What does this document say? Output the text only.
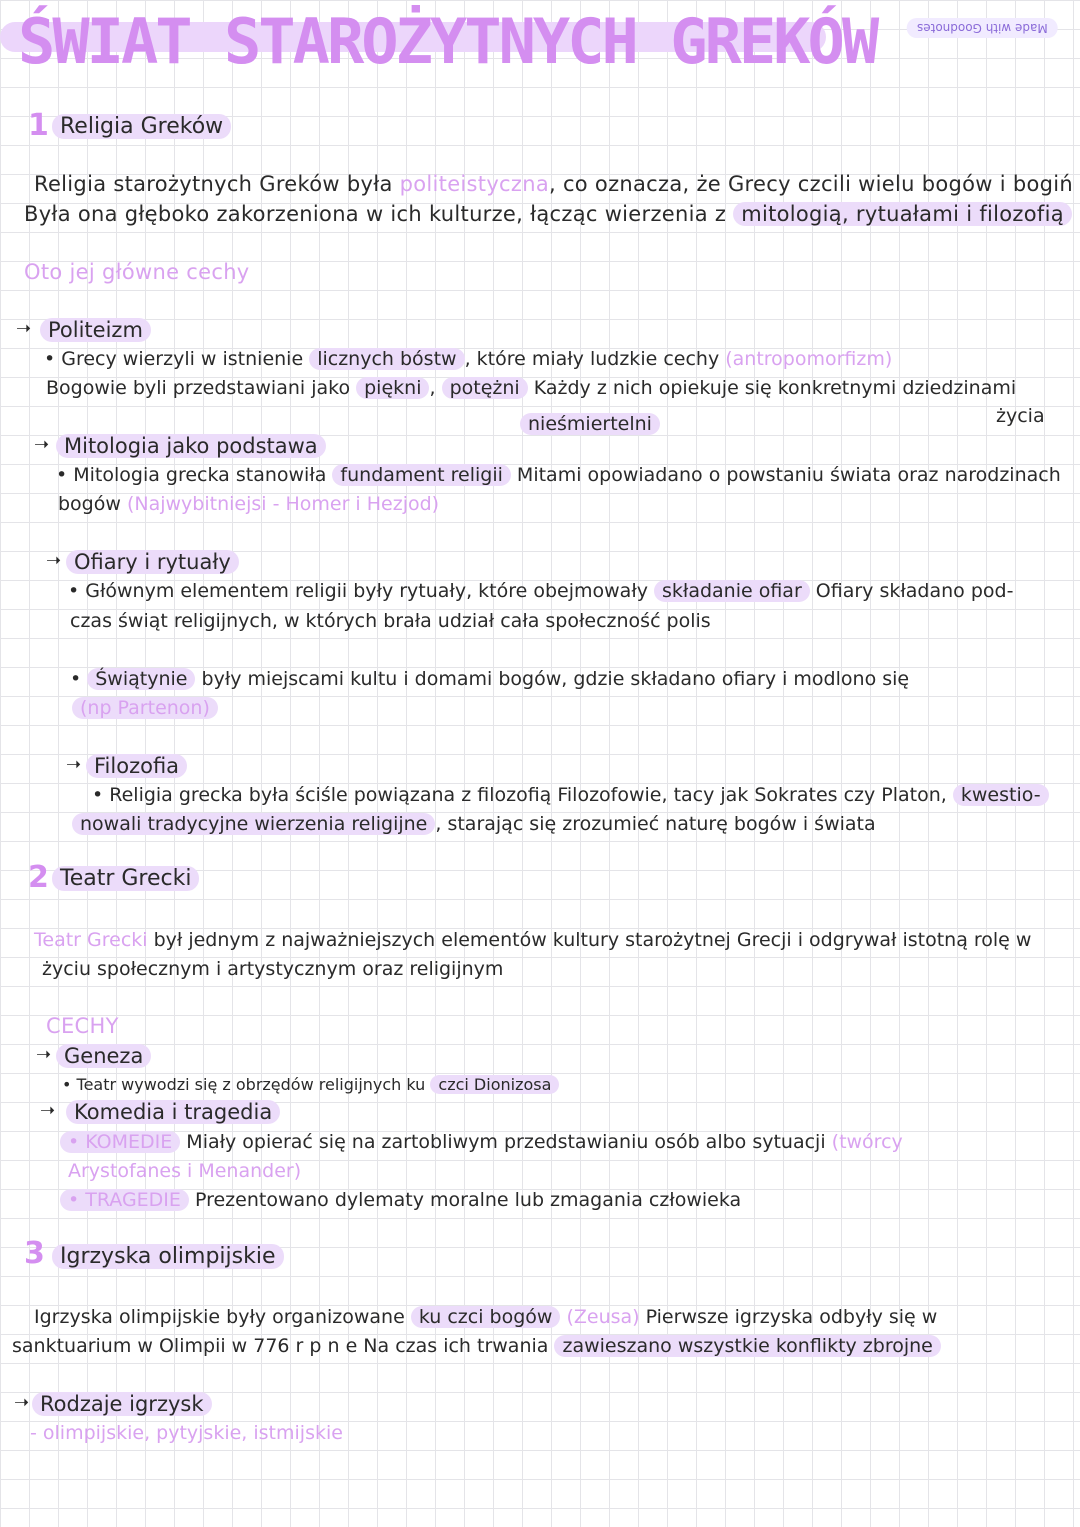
ŚWIAT STAROŻYTNYCH GREKÓW	Made with Goodnotes
1 Religia Greków
Religia starożytnych Greków była politeistyczna, co oznacza, że Grecy czcili wielu bogów i bogiń
Była ona głęboko zakorzeniona w ich kulturze, łącząc wierzenia z mitologią, rytuałami i filozofią
Oto jej główne cechy
➝ Politeizm
• Grecy wierzyli w istnienie licznych bóstw , które miały ludzkie cechy (antropomorfizm)
Bogowie byli przedstawiani jako piękni , potężni Każdy z nich opiekuje się konkretnymi dziedzinami
nieśmiertelni	życia
➝ Mitologia jako podstawa
• Mitologia grecka stanowiła fundament religii Mitami opowiadano o powstaniu świata oraz narodzinach
bogów (Najwybitniejsi - Homer i Hezjod)
➝ Ofiary i rytuały
• Głównym elementem religii były rytuały, które obejmowały składanie ofiar Ofiary składano pod-
czas świąt religijnych, w których brała udział cała społeczność polis
• Świątynie były miejscami kultu i domami bogów, gdzie składano ofiary i modlono się
(np Partenon)
➝ Filozofia
• Religia grecka była ściśle powiązana z filozofią Filozofowie, tacy jak Sokrates czy Platon, kwestio-
nowali tradycyjne wierzenia religijne , starając się zrozumieć naturę bogów i świata
2 Teatr Grecki
Teatr Grecki był jednym z najważniejszych elementów kultury starożytnej Grecji i odgrywał istotną rolę w
życiu społecznym i artystycznym oraz religijnym
CECHY
➝ Geneza
• Teatr wywodzi się z obrzędów religijnych ku czci Dionizosa
➝ Komedia i tragedia
• KOMEDIE Miały opierać się na zartobliwym przedstawianiu osób albo sytuacji (twórcy
Arystofanes i Menander)
• TRAGEDIE Prezentowano dylematy moralne lub zmagania człowieka
3 Igrzyska olimpijskie
Igrzyska olimpijskie były organizowane ku czci bogów (Zeusa) Pierwsze igrzyska odbyły się w
sanktuarium w Olimpii w 776 r p n e Na czas ich trwania zawieszano wszystkie konflikty zbrojne
➝ Rodzaje igrzysk
- olimpijskie, pytyjskie, istmijskie
